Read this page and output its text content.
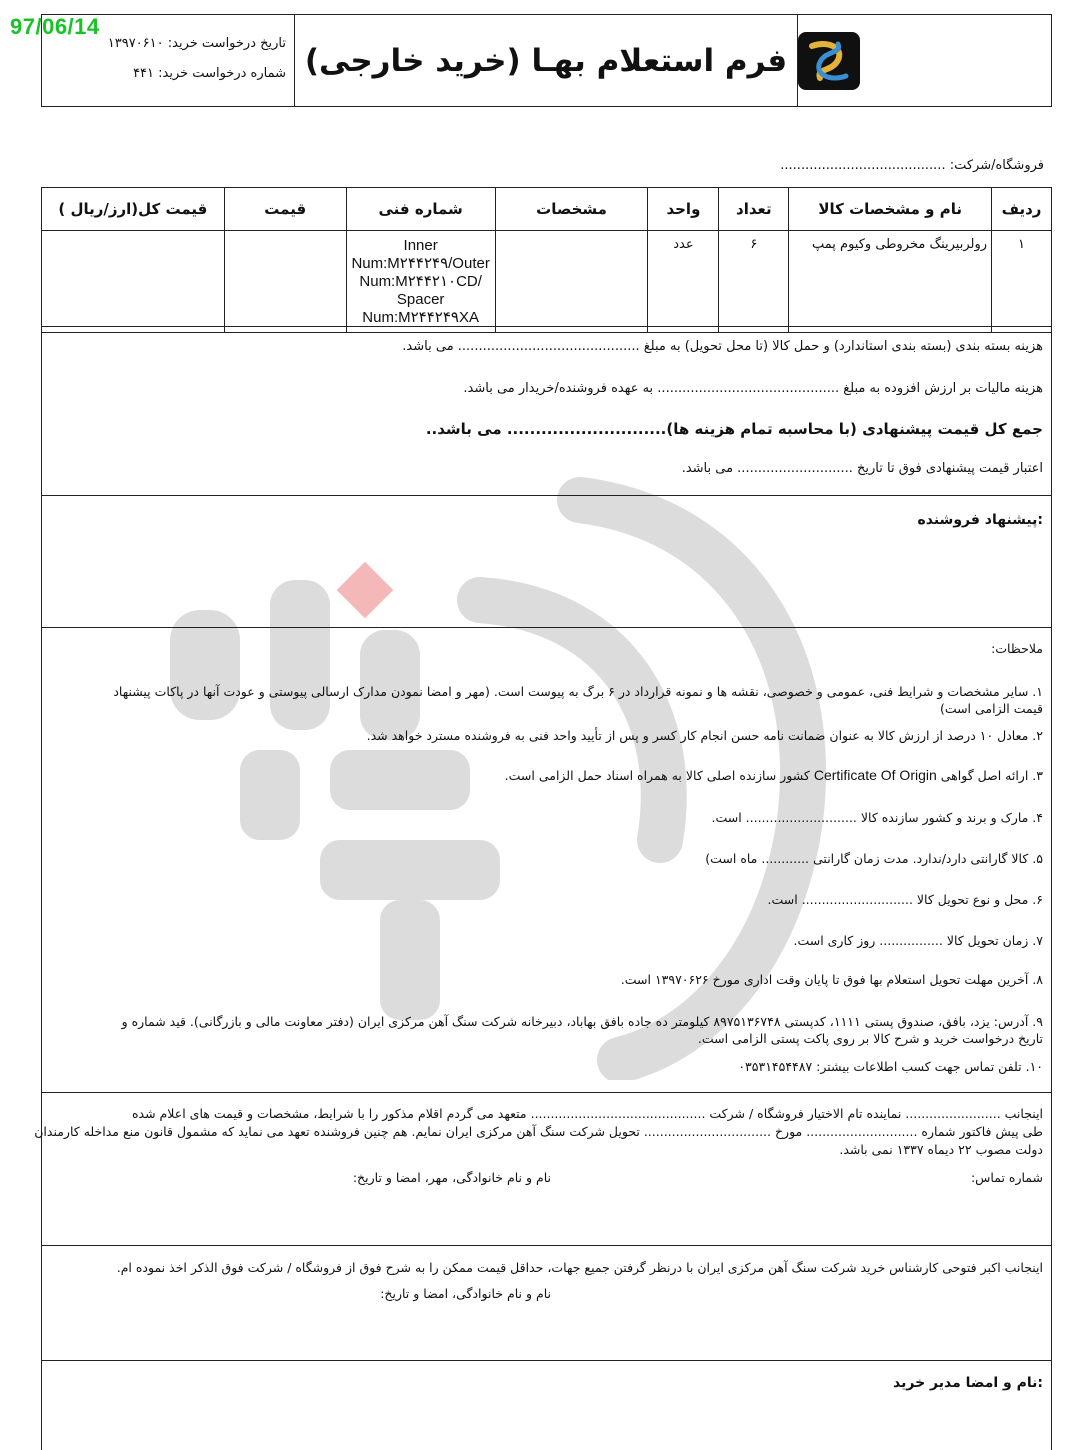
97/06/14
فرم استعلام بهـا (خرید خارجی)
تاریخ درخواست خرید: ۱۳۹۷۰۶۱۰
شماره درخواست خرید: ۴۴۱
فروشگاه/شرکت: ........................................
ردیف	نام و مشخصات کالا	تعداد	واحد	مشخصات	شماره فنی	قیمت	قیمت کل(ارز/ریال )
۱	رولربیرینگ مخروطی وکیوم پمپ	۶	عدد		Inner
Num:M۲۴۴۲۴۹/Outer
Num:M۲۴۴۲۱۰CD/
Spacer
Num:M۲۴۴۲۴۹XA		

هزینه بسته بندی (بسته بندی استاندارد) و حمل کالا (تا محل تحویل) به مبلغ ............................................ می باشد.
هزینه مالیات بر ارزش افزوده به مبلغ ............................................ به عهده فروشنده/خریدار می باشد.
جمع کل قیمت پیشنهادی (با محاسبه تمام هزینه ها)............................ می باشد..
اعتبار قیمت پیشنهادی فوق تا تاریخ ............................ می باشد.
پیشنهاد فروشنده:
ملاحظات:
۱. سایر مشخصات و شرایط فنی، عمومی و خصوصی، نقشه ها و نمونه قرارداد در ۶ برگ به پیوست است. (مهر و امضا نمودن مدارک ارسالی پیوستی و عودت آنها در پاکات پیشنهاد
قیمت الزامی است)
۲. معادل ۱۰ درصد از ارزش کالا به عنوان ضمانت نامه حسن انجام کار کسر و پس از تأیید واحد فنی به فروشنده مسترد خواهد شد.
۳. ارائه اصل گواهی Certificate Of Origin کشور سازنده اصلی کالا به همراه اسناد حمل الزامی است.
۴. مارک و برند و کشور سازنده کالا ............................ است.
۵. کالا گارانتی دارد/ندارد. مدت زمان گارانتی ............ ماه است)
۶. محل و نوع تحویل کالا ............................ است.
۷. زمان تحویل کالا ................ روز کاری است.
۸. آخرین مهلت تحویل استعلام بها فوق تا پایان وقت اداری مورخ ۱۳۹۷۰۶۲۶ است.
۹. آدرس: یزد، بافق، صندوق پستی ۱۱۱۱، کدپستی ۸۹۷۵۱۳۶۷۴۸ کیلومتر ده جاده بافق بهاباد، دبیرخانه شرکت سنگ آهن مرکزی ایران (دفتر معاونت مالی و بازرگانی). قید شماره و
تاریخ درخواست خرید و شرح کالا بر روی پاکت پستی الزامی است.
۱۰. تلفن تماس جهت کسب اطلاعات بیشتر: ۰۳۵۳۱۴۵۴۴۸۷
اینجانب ........................ نماینده تام الاختیار فروشگاه / شرکت ............................................ متعهد می گردم اقلام مذکور را با شرایط، مشخصات و قیمت های اعلام شده
طی پیش فاکتور شماره ............................ مورخ ................................ تحویل شرکت سنگ آهن مرکزی ایران نمایم. هم چنین فروشنده تعهد می نماید که مشمول قانون منع مداخله کارمندان
دولت مصوب ۲۲ دیماه ۱۳۳۷ نمی باشد.
شماره تماس:
نام و نام خانوادگی، مهر، امضا و تاریخ:
اینجانب اکبر فتوحی کارشناس خرید شرکت سنگ آهن مرکزی ایران با درنظر گرفتن جمیع جهات، حداقل قیمت ممکن را به شرح فوق از فروشگاه / شرکت فوق الذکر اخذ نموده ام.
نام و نام خانوادگی، امضا و تاریخ:
نام و امضا مدیر خرید:
